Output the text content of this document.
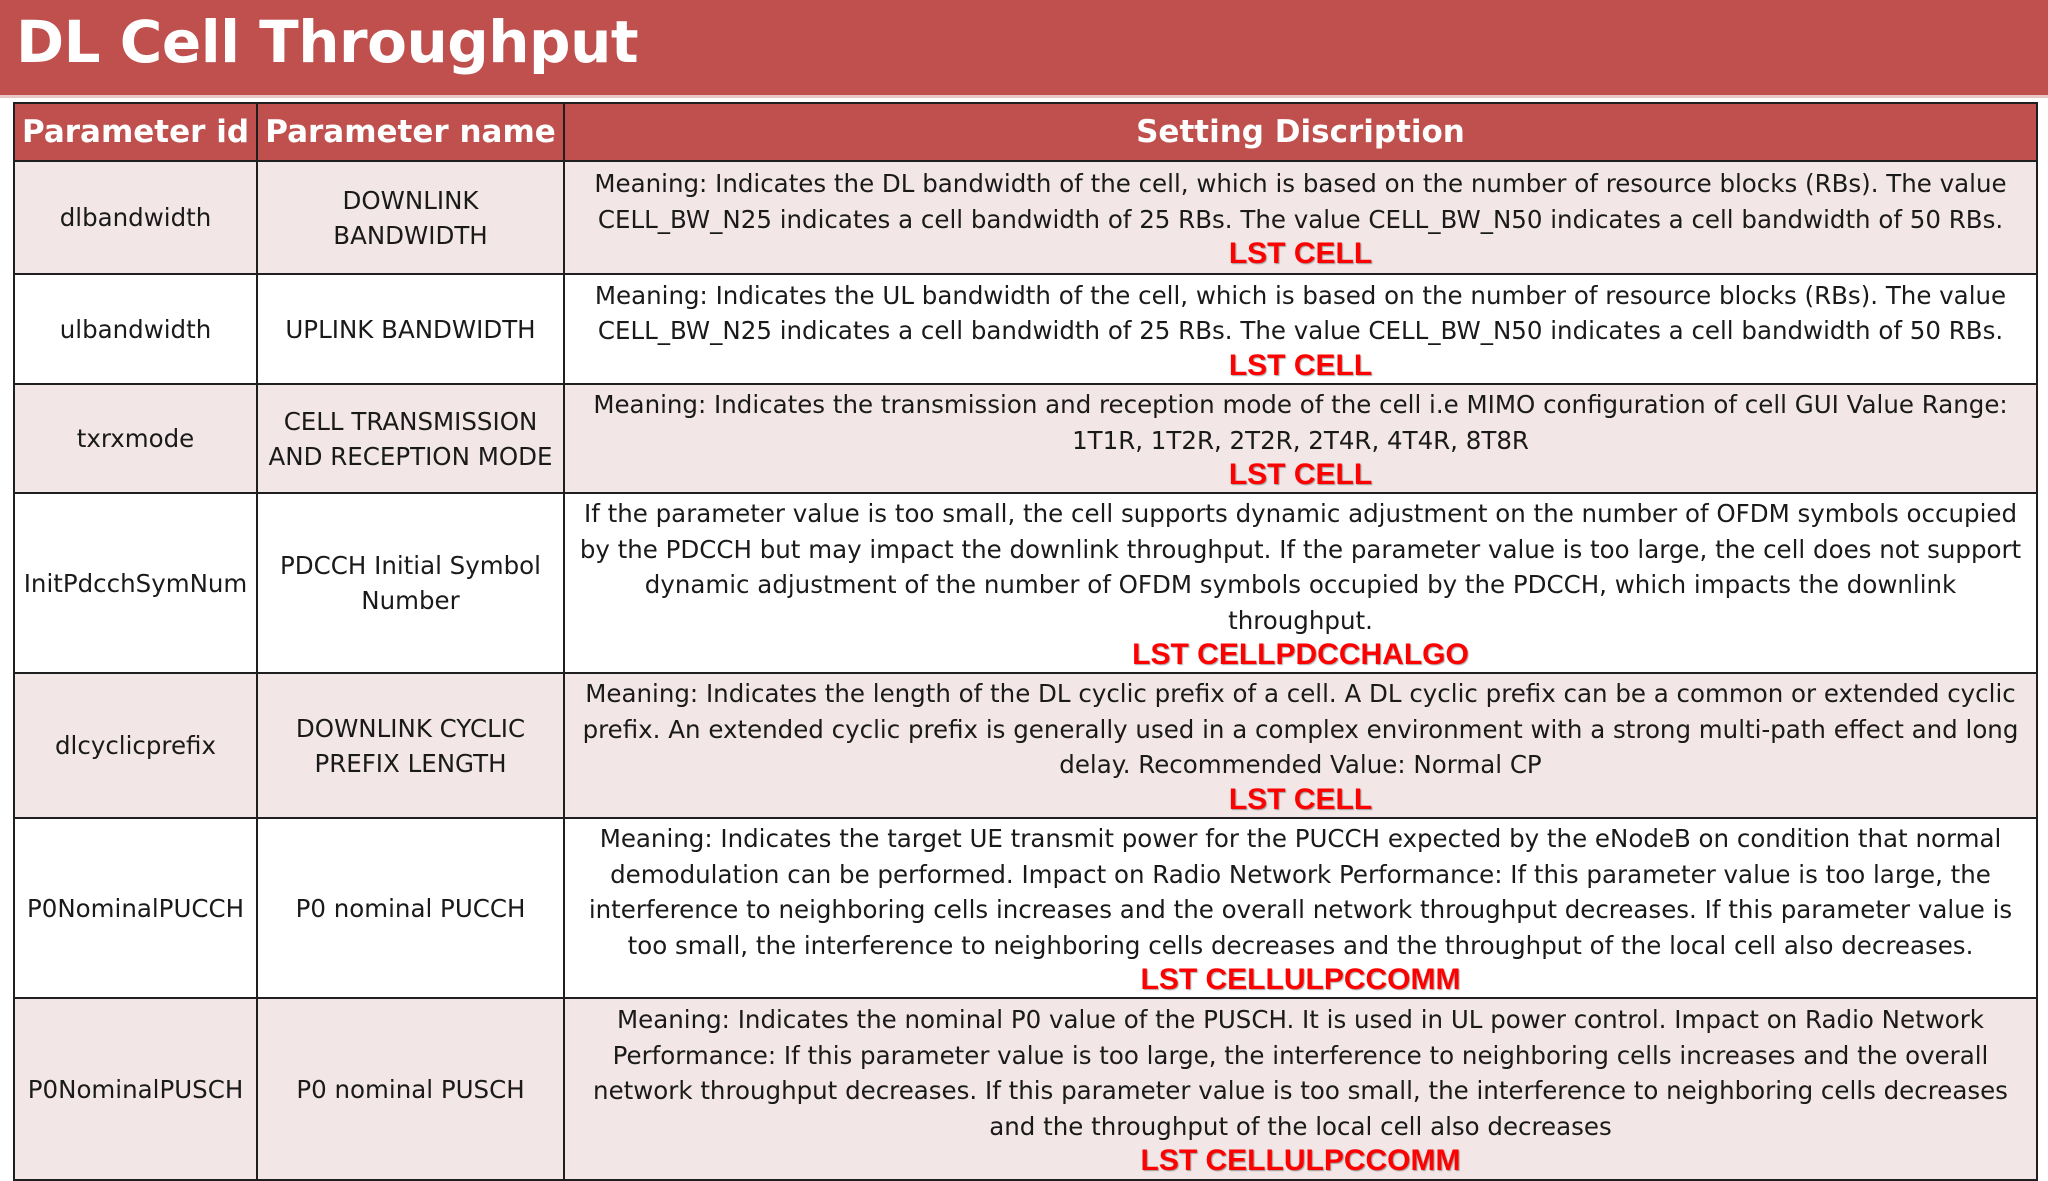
DL Cell Throughput
Parameter id	Parameter name	Setting Discription
dlbandwidth	DOWNLINK BANDWIDTH	Meaning: Indicates the DL bandwidth of the cell, which is based on the number of resource blocks (RBs). The value CELL_BW_N25 indicates a cell bandwidth of 25 RBs. The value CELL_BW_N50 indicates a cell bandwidth of 50 RBs.
LST CELL

ulbandwidth	UPLINK BANDWIDTH	Meaning: Indicates the UL bandwidth of the cell, which is based on the number of resource blocks (RBs). The value CELL_BW_N25 indicates a cell bandwidth of 25 RBs. The value CELL_BW_N50 indicates a cell bandwidth of 50 RBs.
LST CELL

txrxmode	CELL TRANSMISSION AND RECEPTION MODE	Meaning: Indicates the transmission and reception mode of the cell i.e MIMO configuration of cell GUI Value Range: 1T1R, 1T2R, 2T2R, 2T4R, 4T4R, 8T8R
LST CELL

InitPdcchSymNum	PDCCH Initial Symbol Number	If the parameter value is too small, the cell supports dynamic adjustment on the number of OFDM symbols occupied by the PDCCH but may impact the downlink throughput. If the parameter value is too large, the cell does not support dynamic adjustment of the number of OFDM symbols occupied by the PDCCH, which impacts the downlink throughput.
LST CELLPDCCHALGO

dlcyclicprefix	DOWNLINK CYCLIC PREFIX LENGTH	Meaning: Indicates the length of the DL cyclic prefix of a cell. A DL cyclic prefix can be a common or extended cyclic prefix. An extended cyclic prefix is generally used in a complex environment with a strong multi-path effect and long delay. Recommended Value: Normal CP
LST CELL

P0NominalPUCCH	P0 nominal PUCCH	Meaning: Indicates the target UE transmit power for the PUCCH expected by the eNodeB on condition that normal demodulation can be performed. Impact on Radio Network Performance: If this parameter value is too large, the interference to neighboring cells increases and the overall network throughput decreases. If this parameter value is too small, the interference to neighboring cells decreases and the throughput of the local cell also decreases.
LST CELLULPCCOMM

P0NominalPUSCH	P0 nominal PUSCH	Meaning: Indicates the nominal P0 value of the PUSCH. It is used in UL power control. Impact on Radio Network Performance: If this parameter value is too large, the interference to neighboring cells increases and the overall network throughput decreases. If this parameter value is too small, the interference to neighboring cells decreases and the throughput of the local cell also decreases
LST CELLULPCCOMM
